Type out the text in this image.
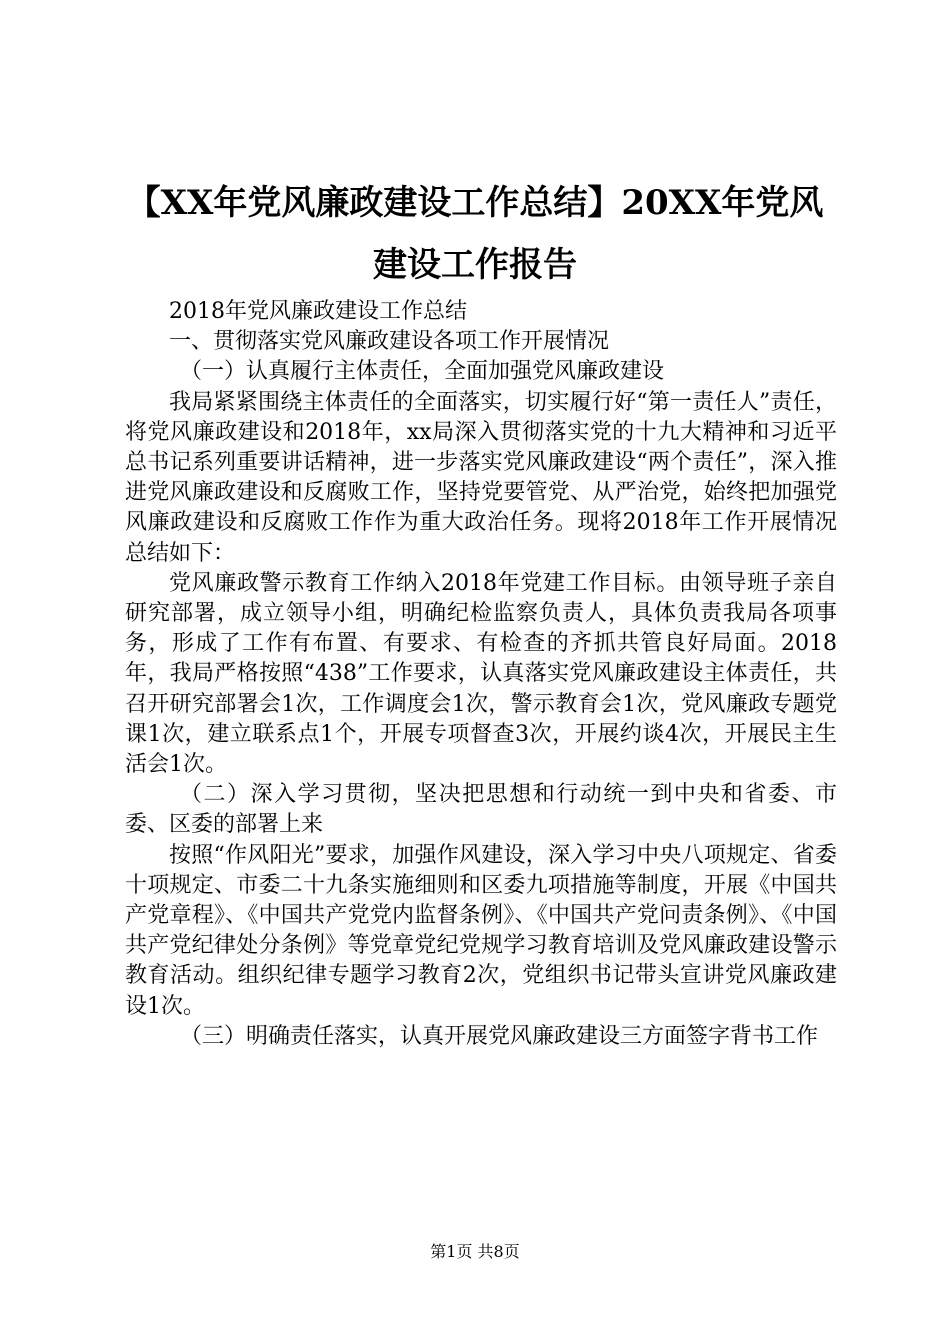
【XX年党风廉政建设工作总结】20XX年党风
建设工作报告

2018年党风廉政建设工作总结

一、贯彻落实党风廉政建设各项工作开展情况

（一）认真履行主体责任，全面加强党风廉政建设

我局紧紧围绕主体责任的全面落实，切实履行好“第一责任人”责任，将党风廉政建设和2018年，xx局深入贯彻落实党的十九大精神和习近平总书记系列重要讲话精神，进一步落实党风廉政建设“两个责任”，深入推进党风廉政建设和反腐败工作，坚持党要管党、从严治党，始终把加强党风廉政建设和反腐败工作作为重大政治任务。现将2018年工作开展情况总结如下：

党风廉政警示教育工作纳入2018年党建工作目标。由领导班子亲自研究部署，成立领导小组，明确纪检监察负责人，具体负责我局各项事务，形成了工作有布置、有要求、有检查的齐抓共管良好局面。2018年，我局严格按照“438”工作要求，认真落实党风廉政建设主体责任，共召开研究部署会1次，工作调度会1次，警示教育会1次，党风廉政专题党课1次，建立联系点1个，开展专项督查3次，开展约谈4次，开展民主生活会1次。

（二）深入学习贯彻，坚决把思想和行动统一到中央和省委、市委、区委的部署上来

按照“作风阳光”要求，加强作风建设，深入学习中央八项规定、省委十项规定、市委二十九条实施细则和区委九项措施等制度，开展《中国共产党章程》、《中国共产党党内监督条例》、《中国共产党问责条例》、《中国共产党纪律处分条例》等党章党纪党规学习教育培训及党风廉政建设警示教育活动。组织纪律专题学习教育2次，党组织书记带头宣讲党风廉政建设1次。

（三）明确责任落实，认真开展党风廉政建设三方面签字背书工作

第1页 共8页
